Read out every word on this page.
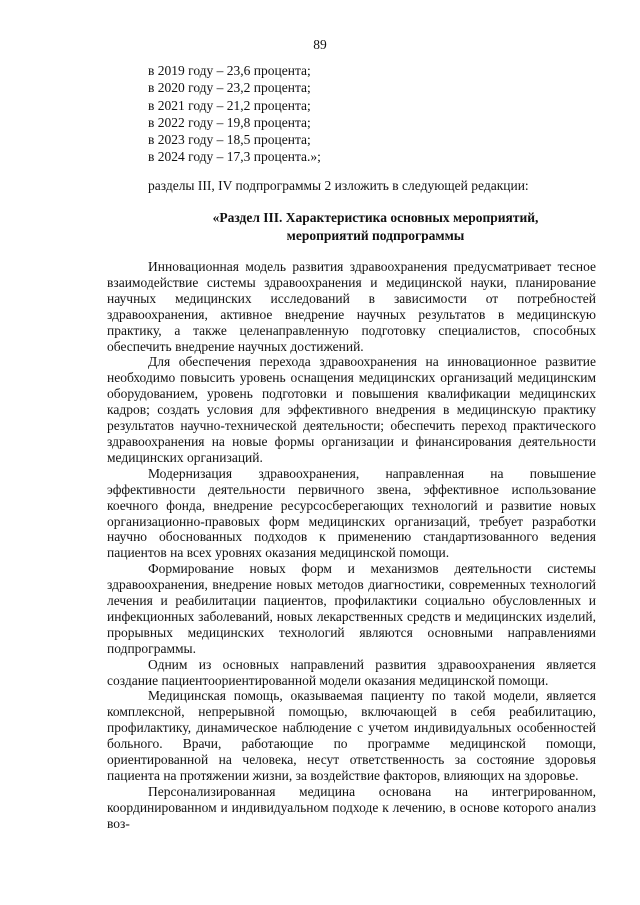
89
в 2019 году – 23,6 процента;
в 2020 году – 23,2 процента;
в 2021 году – 21,2 процента;
в 2022 году – 19,8 процента;
в 2023 году – 18,5 процента;
в 2024 году – 17,3 процента.»;
разделы III, IV подпрограммы 2 изложить в следующей редакции:
«Раздел III. Характеристика основных мероприятий,
мероприятий подпрограммы

Инновационная модель развития здравоохранения предусматривает тесное взаимодействие системы здравоохранения и медицинской науки, планирование научных медицинских исследований в зависимости от потребностей здравоохранения, активное внедрение научных результатов в медицинскую практику, а также целенаправленную подготовку специалистов, способных обеспечить внедрение научных достижений.

Для обеспечения перехода здравоохранения на инновационное развитие необходимо повысить уровень оснащения медицинских организаций медицинским оборудованием, уровень подготовки и повышения квалификации медицинских кадров; создать условия для эффективного внедрения в медицинскую практику результатов научно-технической деятельности; обеспечить переход практического здравоохранения на новые формы организации и финансирования деятельности медицинских организаций.

Модернизация здравоохранения, направленная на повышение эффективности деятельности первичного звена, эффективное использование коечного фонда, внедрение ресурсосберегающих технологий и развитие новых организационно-правовых форм медицинских организаций, требует разработки научно обоснованных подходов к применению стандартизованного ведения пациентов на всех уровнях оказания медицинской помощи.

Формирование новых форм и механизмов деятельности системы здравоохранения, внедрение новых методов диагностики, современных технологий лечения и реабилитации пациентов, профилактики социально обусловленных и инфекционных заболеваний, новых лекарственных средств и медицинских изделий, прорывных медицинских технологий являются основными направлениями подпрограммы.

Одним из основных направлений развития здравоохранения является создание пациентоориентированной модели оказания медицинской помощи.

Медицинская помощь, оказываемая пациенту по такой модели, является комплексной, непрерывной помощью, включающей в себя реабилитацию, профилактику, динамическое наблюдение с учетом индивидуальных особенностей больного. Врачи, работающие по программе медицинской помощи, ориентированной на человека, несут ответственность за состояние здоровья пациента на протяжении жизни, за воздействие факторов, влияющих на здоровье.

Персонализированная медицина основана на интегрированном, координированном и индивидуальном подходе к лечению, в основе которого анализ воз-
